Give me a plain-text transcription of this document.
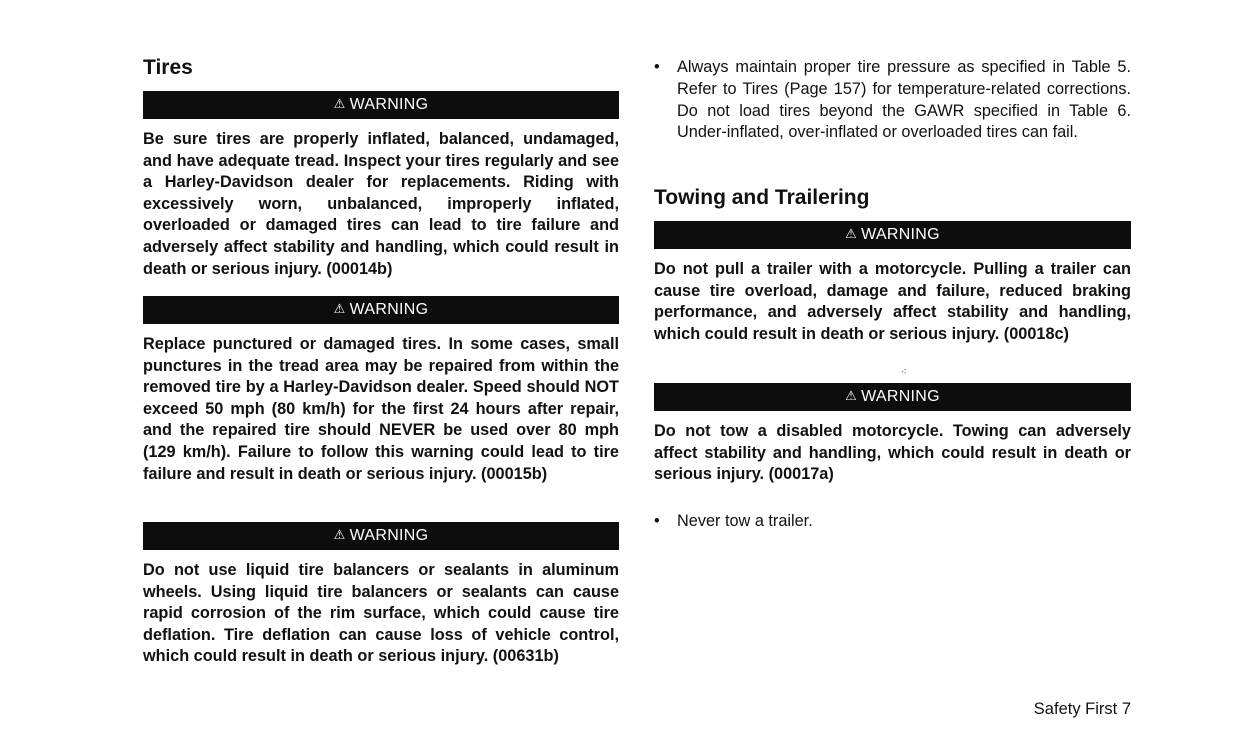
Tires
⚠ WARNING

Be sure tires are properly inflated, balanced, undamaged, and have adequate tread. Inspect your tires regularly and see a Harley-Davidson dealer for replacements. Riding with excessively worn, unbalanced, improperly inflated, overloaded or damaged tires can lead to tire failure and adversely affect stability and handling, which could result in death or serious injury. (00014b)

⚠ WARNING

Replace punctured or damaged tires. In some cases, small punctures in the tread area may be repaired from within the removed tire by a Harley-Davidson dealer. Speed should NOT exceed 50 mph (80 km/h) for the first 24 hours after repair, and the repaired tire should NEVER be used over 80 mph (129 km/h). Failure to follow this warning could lead to tire failure and result in death or serious injury. (00015b)

⚠ WARNING

Do not use liquid tire balancers or sealants in aluminum wheels. Using liquid tire balancers or sealants can cause rapid corrosion of the rim surface, which could cause tire deflation. Tire deflation can cause loss of vehicle control, which could result in death or serious injury. (00631b)

•	Always maintain proper tire pressure as specified in Table 5. Refer to Tires (Page 157) for temperature-related corrections. Do not load tires beyond the GAWR specified in Table 6. Under-inflated, over-inflated or overloaded tires can fail.

Towing and Trailering
⚠ WARNING

Do not pull a trailer with a motorcycle. Pulling a trailer can cause tire overload, damage and failure, reduced braking performance, and adversely affect stability and handling, which could result in death or serious injury. (00018c)

⚠ WARNING

Do not tow a disabled motorcycle. Towing can adversely affect stability and handling, which could result in death or serious injury. (00017a)

•	Never tow a trailer.

⁖
Safety First 7
